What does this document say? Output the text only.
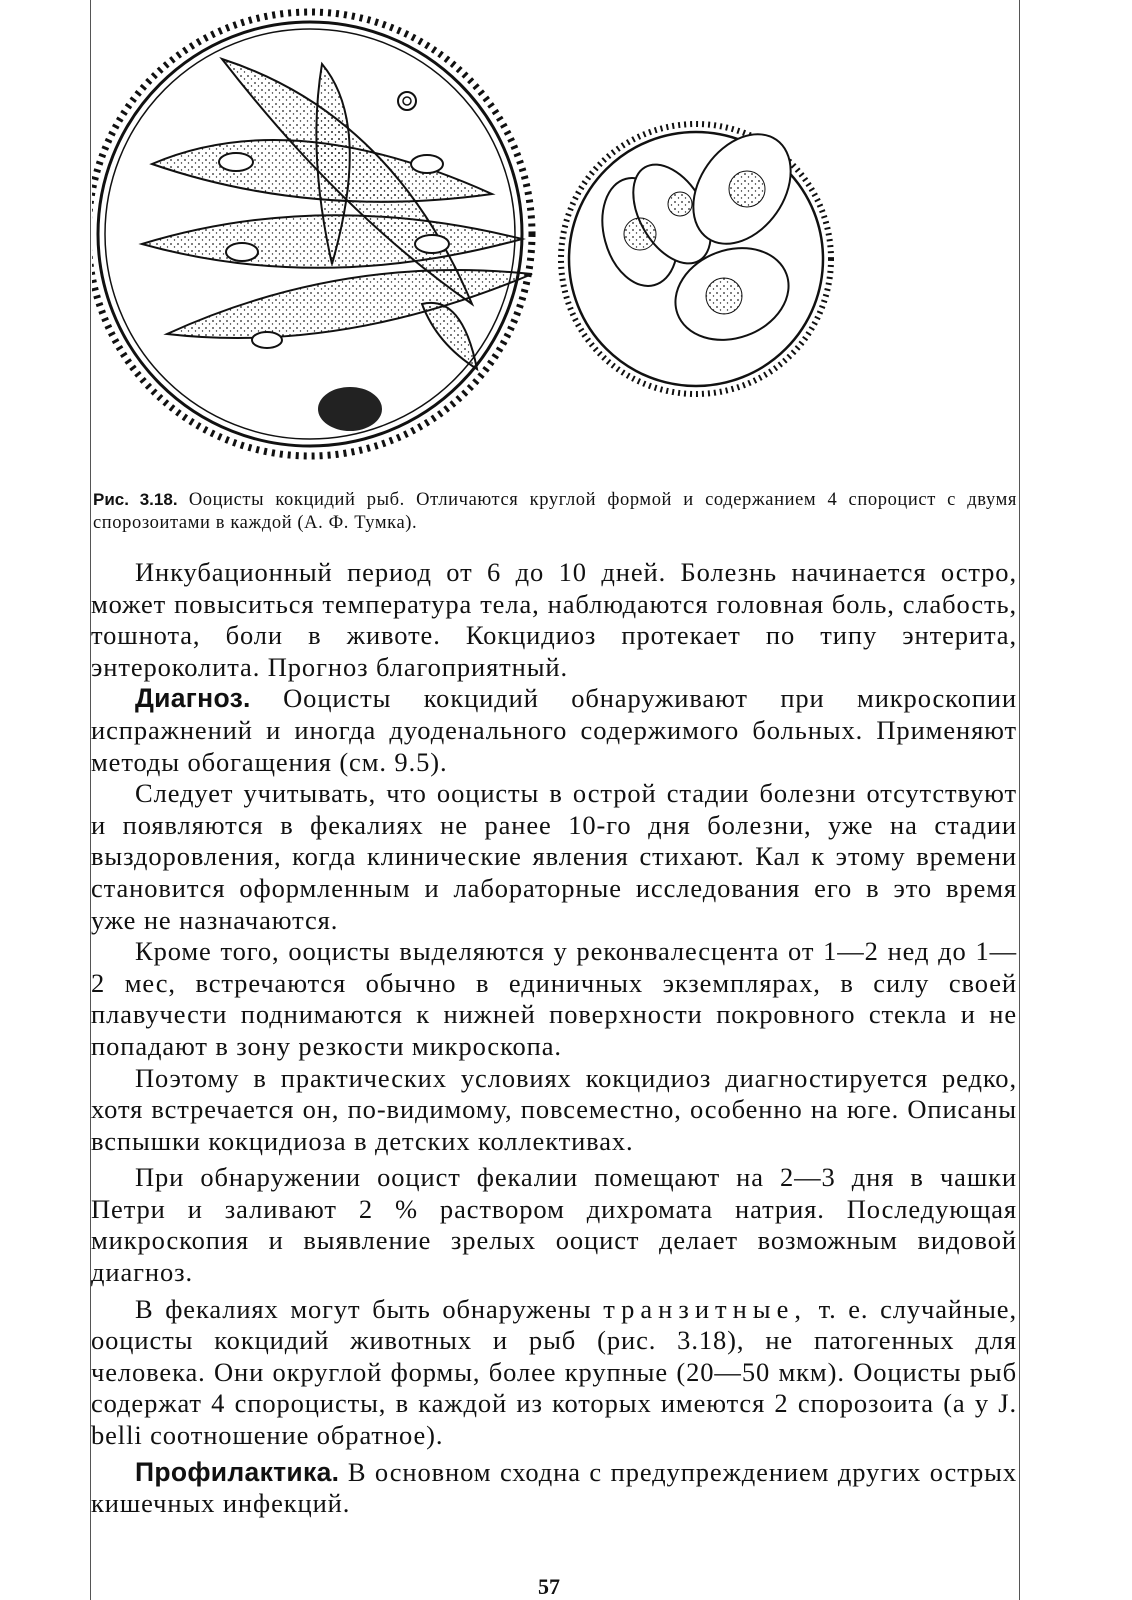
Рис. 3.18. Ооцисты кокцидий рыб. Отличаются круглой формой и содержанием 4 спороцист с двумя спорозоитами в каждой (А. Ф. Тумка).

Инкубационный период от 6 до 10 дней. Болезнь начинается остро, может повыситься температура тела, наблюдаются головная боль, слабость, тошнота, боли в животе. Кокцидиоз протекает по типу энтерита, энтероколита. Прогноз благоприятный.

Диагноз. Ооцисты кокцидий обнаруживают при микроскопии испражнений и иногда дуоденального содержимого больных. Применяют методы обогащения (см. 9.5).

Следует учитывать, что ооцисты в острой стадии болезни отсутствуют и появляются в фекалиях не ранее 10-го дня болезни, уже на стадии выздоровления, когда клинические явления стихают. Кал к этому времени становится оформленным и лабораторные исследования его в это время уже не назначаются.

Кроме того, ооцисты выделяются у реконвалесцента от 1—2 нед до 1—2 мес, встречаются обычно в единичных экземплярах, в силу своей плавучести поднимаются к нижней поверхности покровного стекла и не попадают в зону резкости микроскопа.

Поэтому в практических условиях кокцидиоз диагностируется редко, хотя встречается он, по-видимому, повсеместно, особенно на юге. Описаны вспышки кокцидиоза в детских коллективах.

При обнаружении ооцист фекалии помещают на 2—3 дня в чашки Петри и заливают 2 % раствором дихромата натрия. Последующая микроскопия и выявление зрелых ооцист делает возможным видовой диагноз.

В фекалиях могут быть обнаружены транзитные, т. е. случайные, ооцисты кокцидий животных и рыб (рис. 3.18), не патогенных для человека. Они округлой формы, более крупные (20—50 мкм). Ооцисты рыб содержат 4 спороцисты, в каждой из которых имеются 2 спорозоита (а у J. belli соотношение обратное).

Профилактика. В основном сходна с предупреждением других острых кишечных инфекций.

57
